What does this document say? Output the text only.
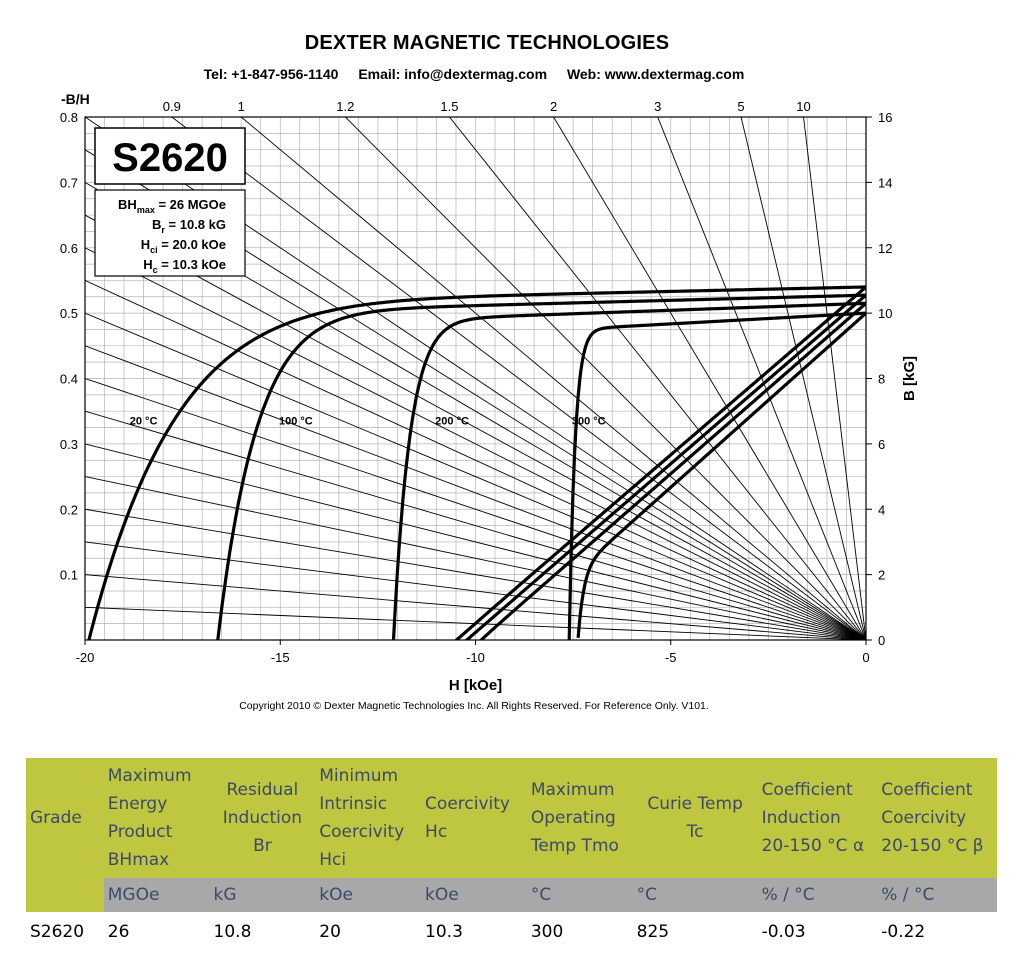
DEXTER MAGNETIC TECHNOLOGIES
Tel: +1-847-956-1140 Email: info@dextermag.com Web: www.dextermag.com
0.9	1	1.2	1.5	2	3	5	10
0.1
0.2
0.3
0.4
0.5
0.6
0.7
0.8
-B/H
0
2
4
6
8
10
12
14
16
B [kG]
-20	-15	-10	-5	0
H [kOe]
20 °C	100 °C	200 °C	300 °C
S2620
$BH_{max} = 26$ MGOe
$B_r = 10.8$ kG
$H_{ci} = 20.0$ kOe
$H_c = 10.3$ kOe
Copyright 2010 © Dexter Magnetic Technologies Inc. All Rights Reserved. For Reference Only. V101.
Grade	Maximum Energy Product BHmax	Residual Induction Br	Minimum Intrinsic Coercivity Hci	Coercivity Hc	Maximum Operating Temp Tmo	Curie Temp Tc	Coefficient Induction 20-150 °C α	Coefficient Coercivity 20-150 °C β
	MGOe	kG	kOe	kOe	°C	°C	% / °C	% / °C
S2620	26	10.8	20	10.3	300	825	-0.03	-0.22
